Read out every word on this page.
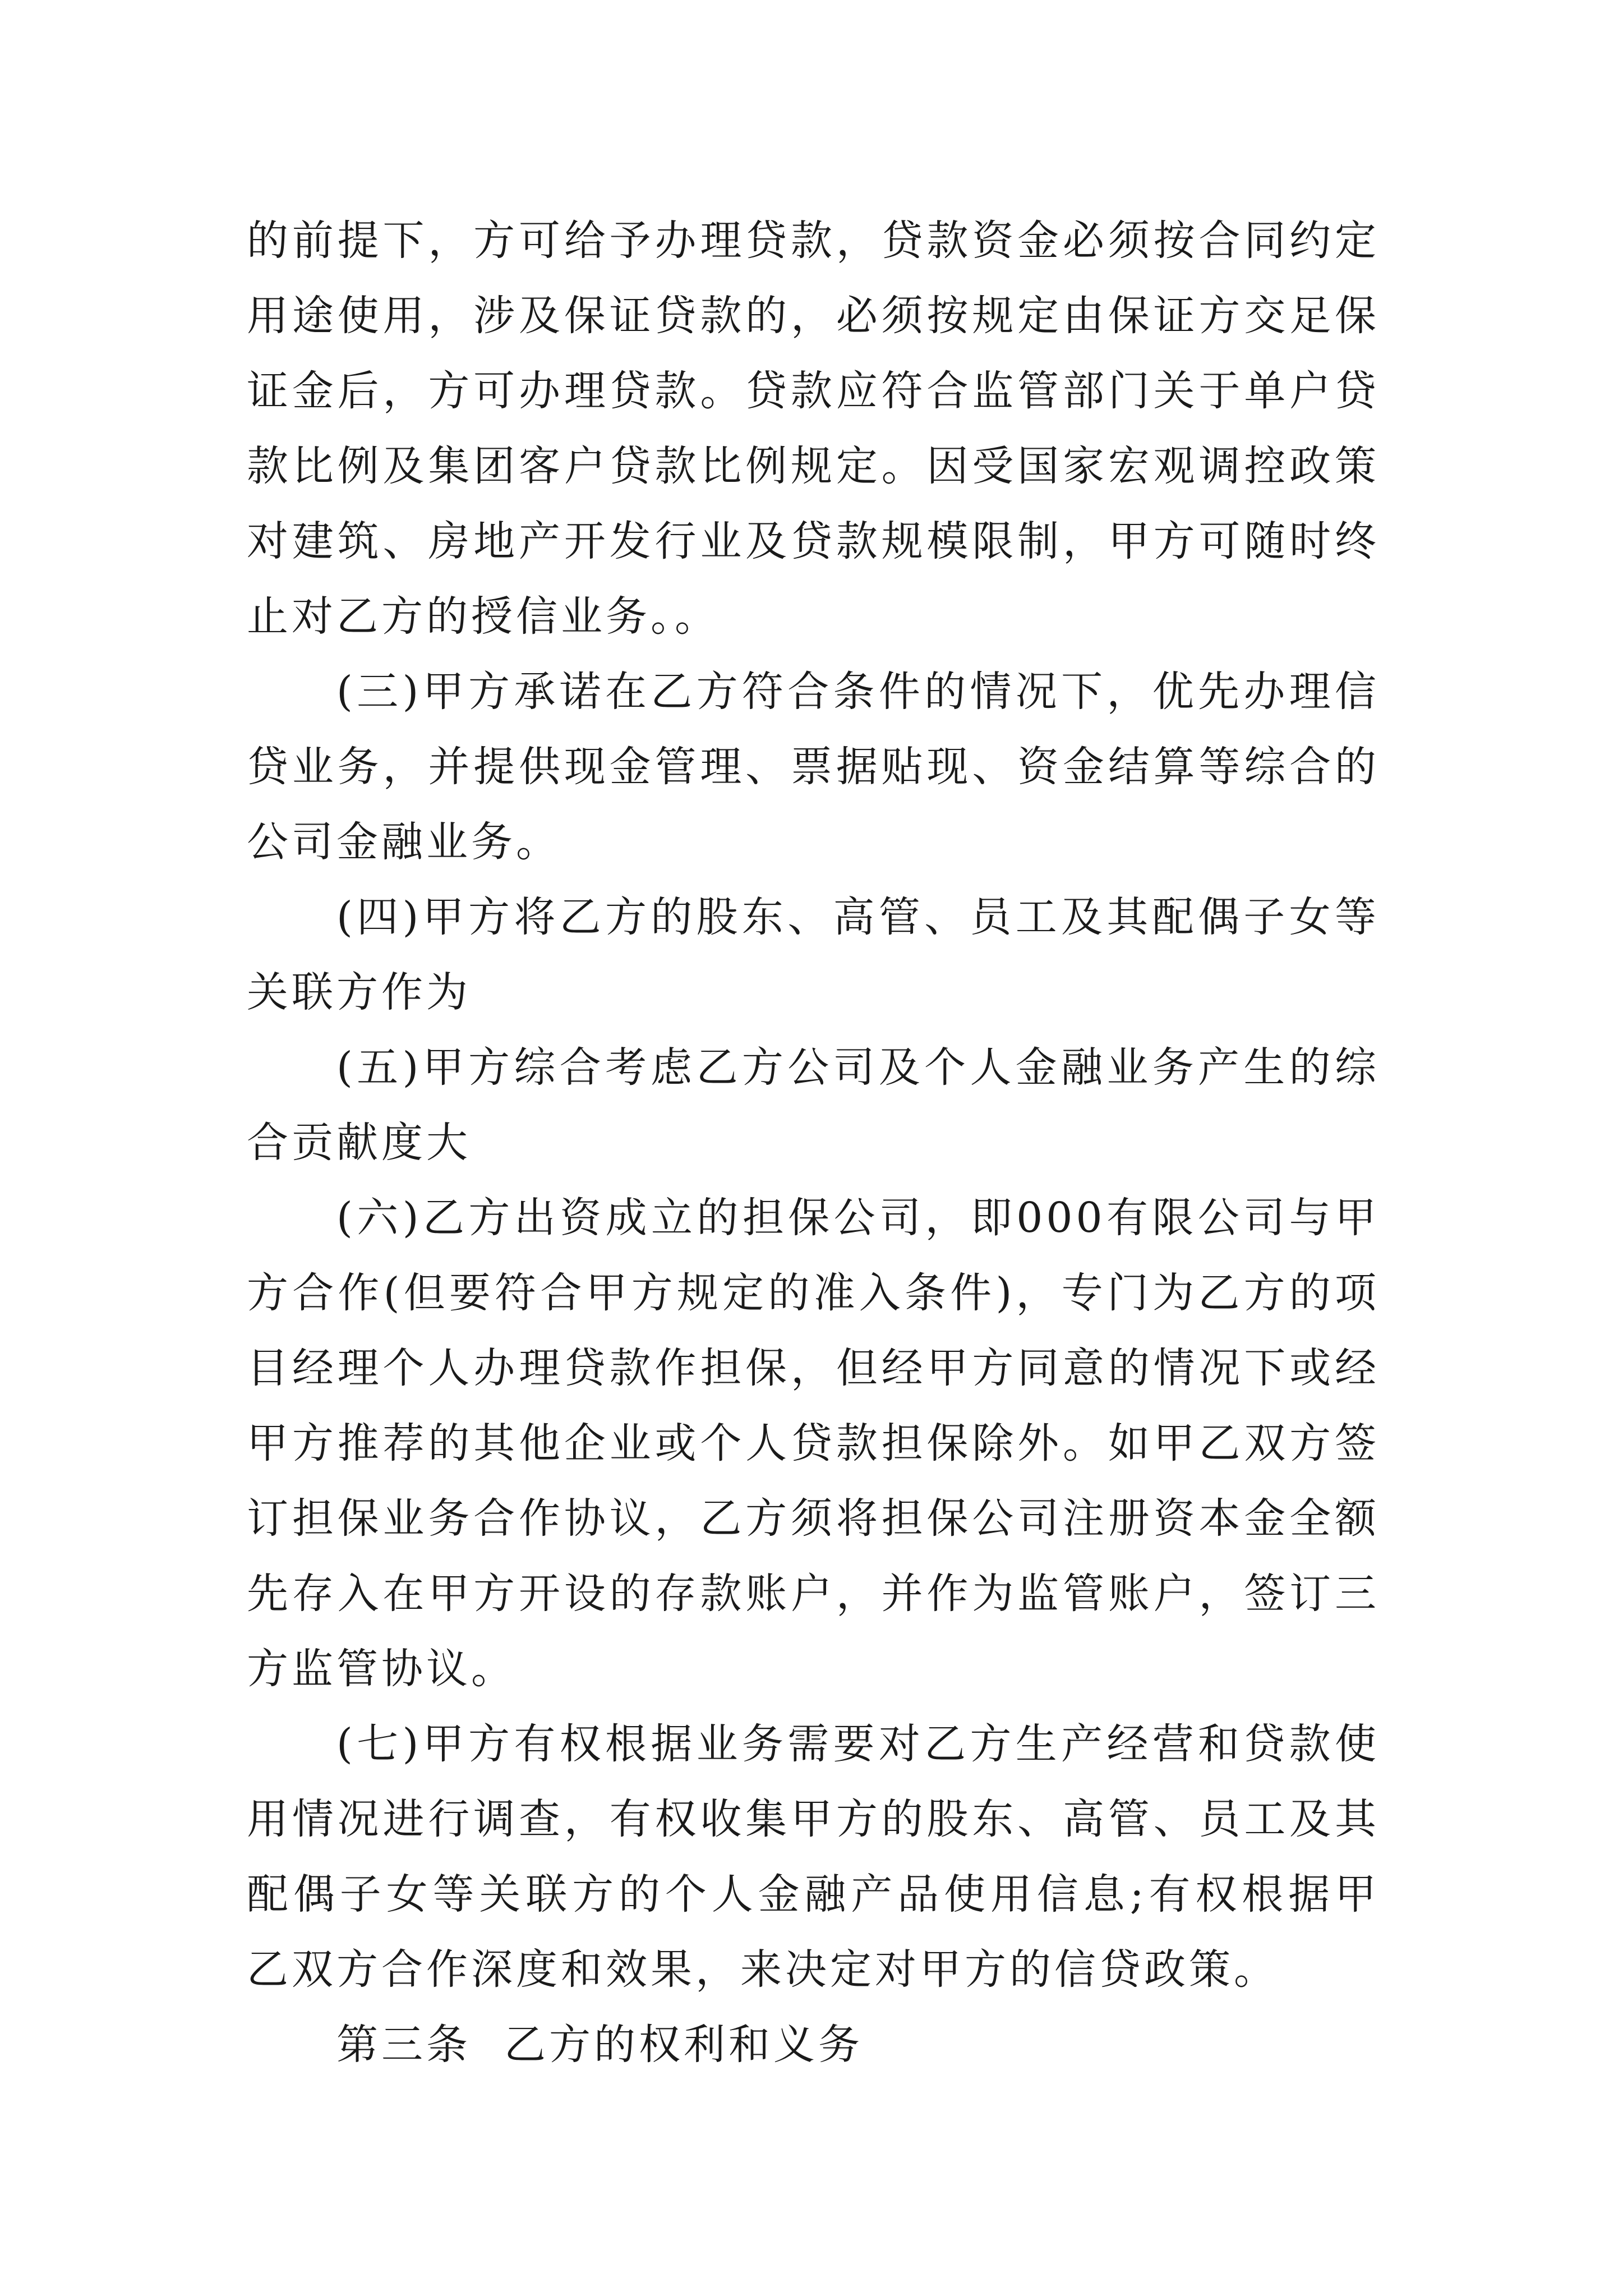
的前提下，方可给予办理贷款，贷款资金必须按合同约定用途使用，涉及保证贷款的，必须按规定由保证方交足保证金后，方可办理贷款。贷款应符合监管部门关于单户贷款比例及集团客户贷款比例规定。因受国家宏观调控政策对建筑、房地产开发行业及贷款规模限制，甲方可随时终止对乙方的授信业务。。

(三)甲方承诺在乙方符合条件的情况下，优先办理信贷业务，并提供现金管理、票据贴现、资金结算等综合的公司金融业务。

(四)甲方将乙方的股东、高管、员工及其配偶子女等关联方作为

(五)甲方综合考虑乙方公司及个人金融业务产生的综合贡献度大

(六)乙方出资成立的担保公司，即000有限公司与甲方合作(但要符合甲方规定的准入条件)，专门为乙方的项目经理个人办理贷款作担保，但经甲方同意的情况下或经甲方推荐的其他企业或个人贷款担保除外。如甲乙双方签订担保业务合作协议，乙方须将担保公司注册资本金全额先存入在甲方开设的存款账户，并作为监管账户，签订三方监管协议。

(七)甲方有权根据业务需要对乙方生产经营和贷款使用情况进行调查，有权收集甲方的股东、高管、员工及其配偶子女等关联方的个人金融产品使用信息;有权根据甲乙双方合作深度和效果，来决定对甲方的信贷政策。

第三条  乙方的权利和义务
